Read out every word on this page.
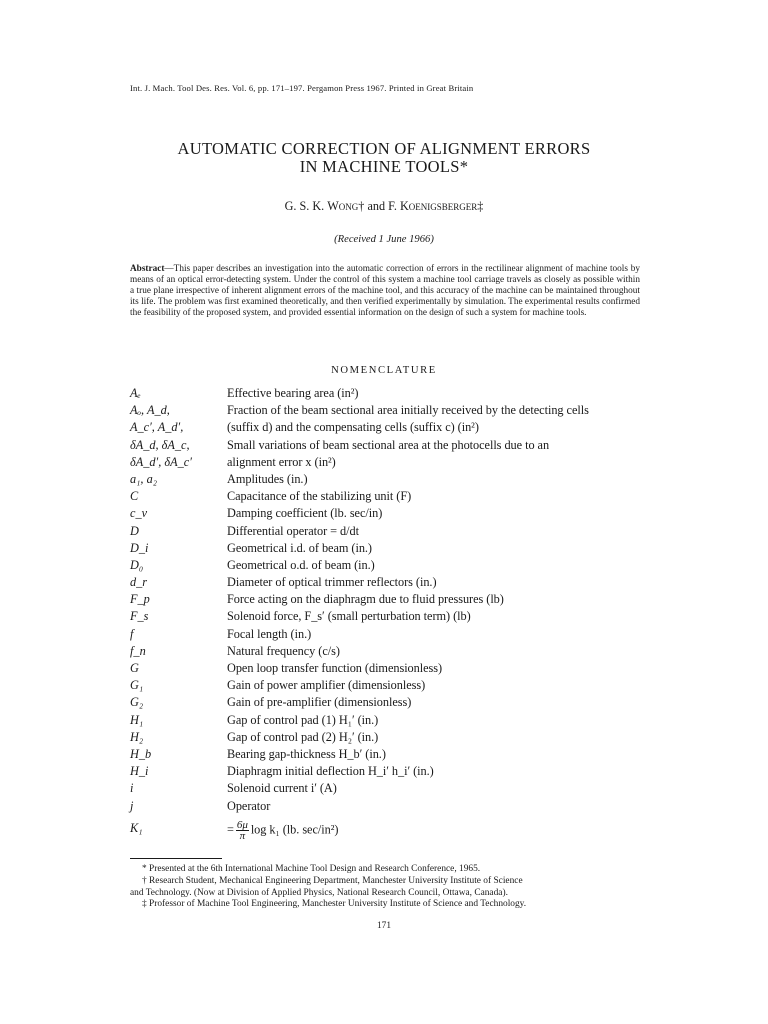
Int. J. Mach. Tool Des. Res. Vol. 6, pp. 171–197. Pergamon Press 1967. Printed in Great Britain
AUTOMATIC CORRECTION OF ALIGNMENT ERRORS
IN MACHINE TOOLS*
G. S. K. Wong† and F. Koenigsberger‡
(Received 1 June 1966)
Abstract—This paper describes an investigation into the automatic correction of errors in the rectilinear alignment of machine tools by means of an optical error-detecting system. Under the control of this system a machine tool carriage travels as closely as possible within a true plane irrespective of inherent alignment errors of the machine tool, and this accuracy of the machine can be maintained throughout its life. The problem was first examined theoretically, and then verified experimentally by simulation. The experimental results confirmed the feasibility of the proposed system, and provided essential information on the design of such a system for machine tools.
NOMENCLATURE
Aₑ
Aₒ, A_d,
A_c′, A_d′,
δA_d, δA_c,
δA_d′, δA_c′
a₁, a₂
C
c_v
D
D_i
D₀
d_r
F_p
F_s
f
f_n
G
G₁
G₂
H₁
H₂
H_b
H_i
i
j
K₁
Effective bearing area (in²)
Fraction of the beam sectional area initially received by the detecting cells
(suffix d) and the compensating cells (suffix c) (in²)
Small variations of beam sectional area at the photocells due to an
alignment error x (in²)
Amplitudes (in.)
Capacitance of the stabilizing unit (F)
Damping coefficient (lb. sec/in)
Differential operator = d/dt
Geometrical i.d. of beam (in.)
Geometrical o.d. of beam (in.)
Diameter of optical trimmer reflectors (in.)
Force acting on the diaphragm due to fluid pressures (lb)
Solenoid force, F_s′ (small perturbation term) (lb)
Focal length (in.)
Natural frequency (c/s)
Open loop transfer function (dimensionless)
Gain of power amplifier (dimensionless)
Gain of pre-amplifier (dimensionless)
Gap of control pad (1) H₁′ (in.)
Gap of control pad (2) H₂′ (in.)
Bearing gap-thickness H_b′ (in.)
Diaphragm initial deflection H_i′ h_i′ (in.)
Solenoid current i′ (A)
Operator
= $\frac{6\mu}{\pi}$ log k₁ (lb. sec/in²)
* Presented at the 6th International Machine Tool Design and Research Conference, 1965.
† Research Student, Mechanical Engineering Department, Manchester University Institute of Science
and Technology. (Now at Division of Applied Physics, National Research Council, Ottawa, Canada).
‡ Professor of Machine Tool Engineering, Manchester University Institute of Science and Technology.
171
